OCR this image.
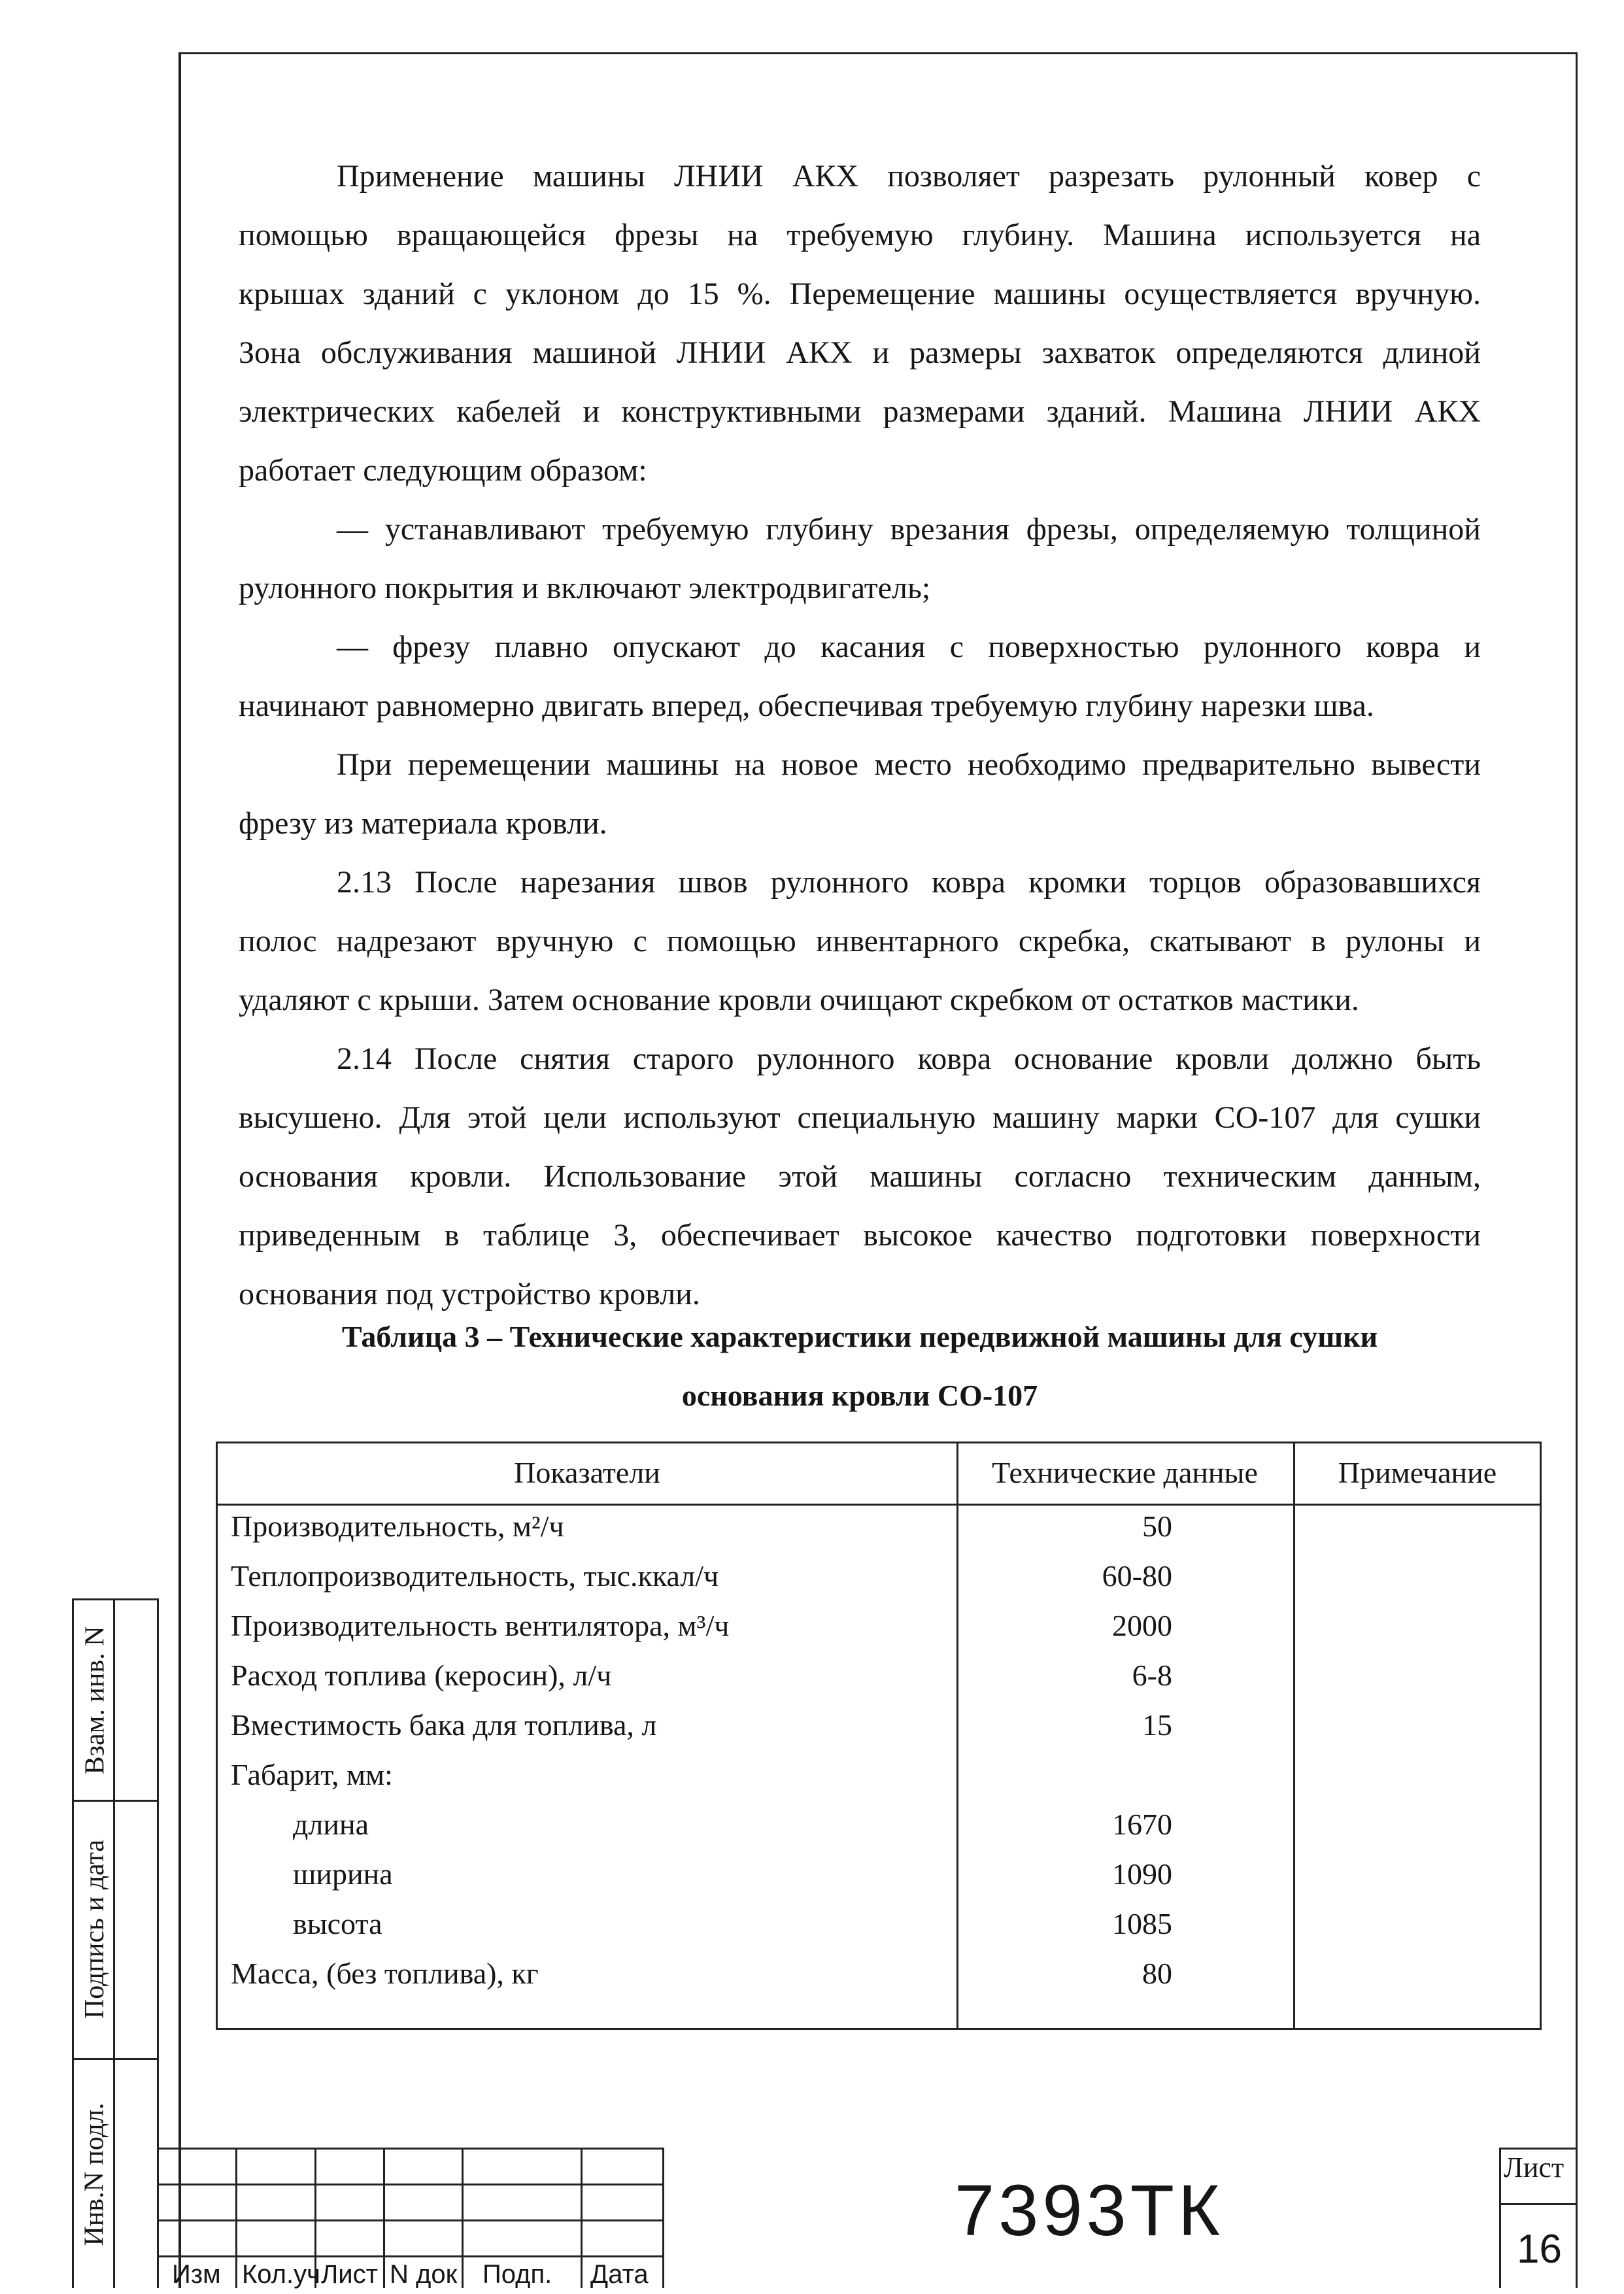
Применение машины ЛНИИ АКХ позволяет разрезать рулонный ковер с
помощью вращающейся фрезы на требуемую глубину. Машина используется на
крышах зданий с уклоном до 15 %. Перемещение машины осуществляется вручную.
Зона обслуживания машиной ЛНИИ АКХ и размеры захваток определяются длиной
электрических кабелей и конструктивными размерами зданий. Машина ЛНИИ АКХ
работает следующим образом:
— устанавливают требуемую глубину врезания фрезы, определяемую толщиной
рулонного покрытия и включают электродвигатель;
— фрезу плавно опускают до касания с поверхностью рулонного ковра и
начинают равномерно двигать вперед, обеспечивая требуемую глубину нарезки шва.
При перемещении машины на новое место необходимо предварительно вывести
фрезу из материала кровли.
2.13 После нарезания швов рулонного ковра кромки торцов образовавшихся
полос надрезают вручную с помощью инвентарного скребка, скатывают в рулоны и
удаляют с крыши. Затем основание кровли очищают скребком от остатков мастики.
2.14 После снятия старого рулонного ковра основание кровли должно быть
высушено. Для этой цели используют специальную машину марки СО-107 для сушки
основания кровли. Использование этой машины согласно техническим данным,
приведенным в таблице 3, обеспечивает высокое качество подготовки поверхности
основания под устройство кровли.
Таблица 3 – Технические характеристики передвижной машины для сушки
основания кровли СО-107
Показатели	Технические данные	Примечание
Производительность, м²/ч	50
Теплопроизводительность, тыс.ккал/ч	60-80
Производительность вентилятора, м³/ч	2000
Расход топлива (керосин), л/ч	6-8
Вместимость бака для топлива, л	15
Габарит, мм:
длина	1670
ширина	1090
высота	1085
Масса, (без топлива), кг	80
Взам. инв. N
Подпись и дата
Инв.N подл.
Изм Кол.уч Лист N док Подп. Дата
7393ТК
Лист
16
